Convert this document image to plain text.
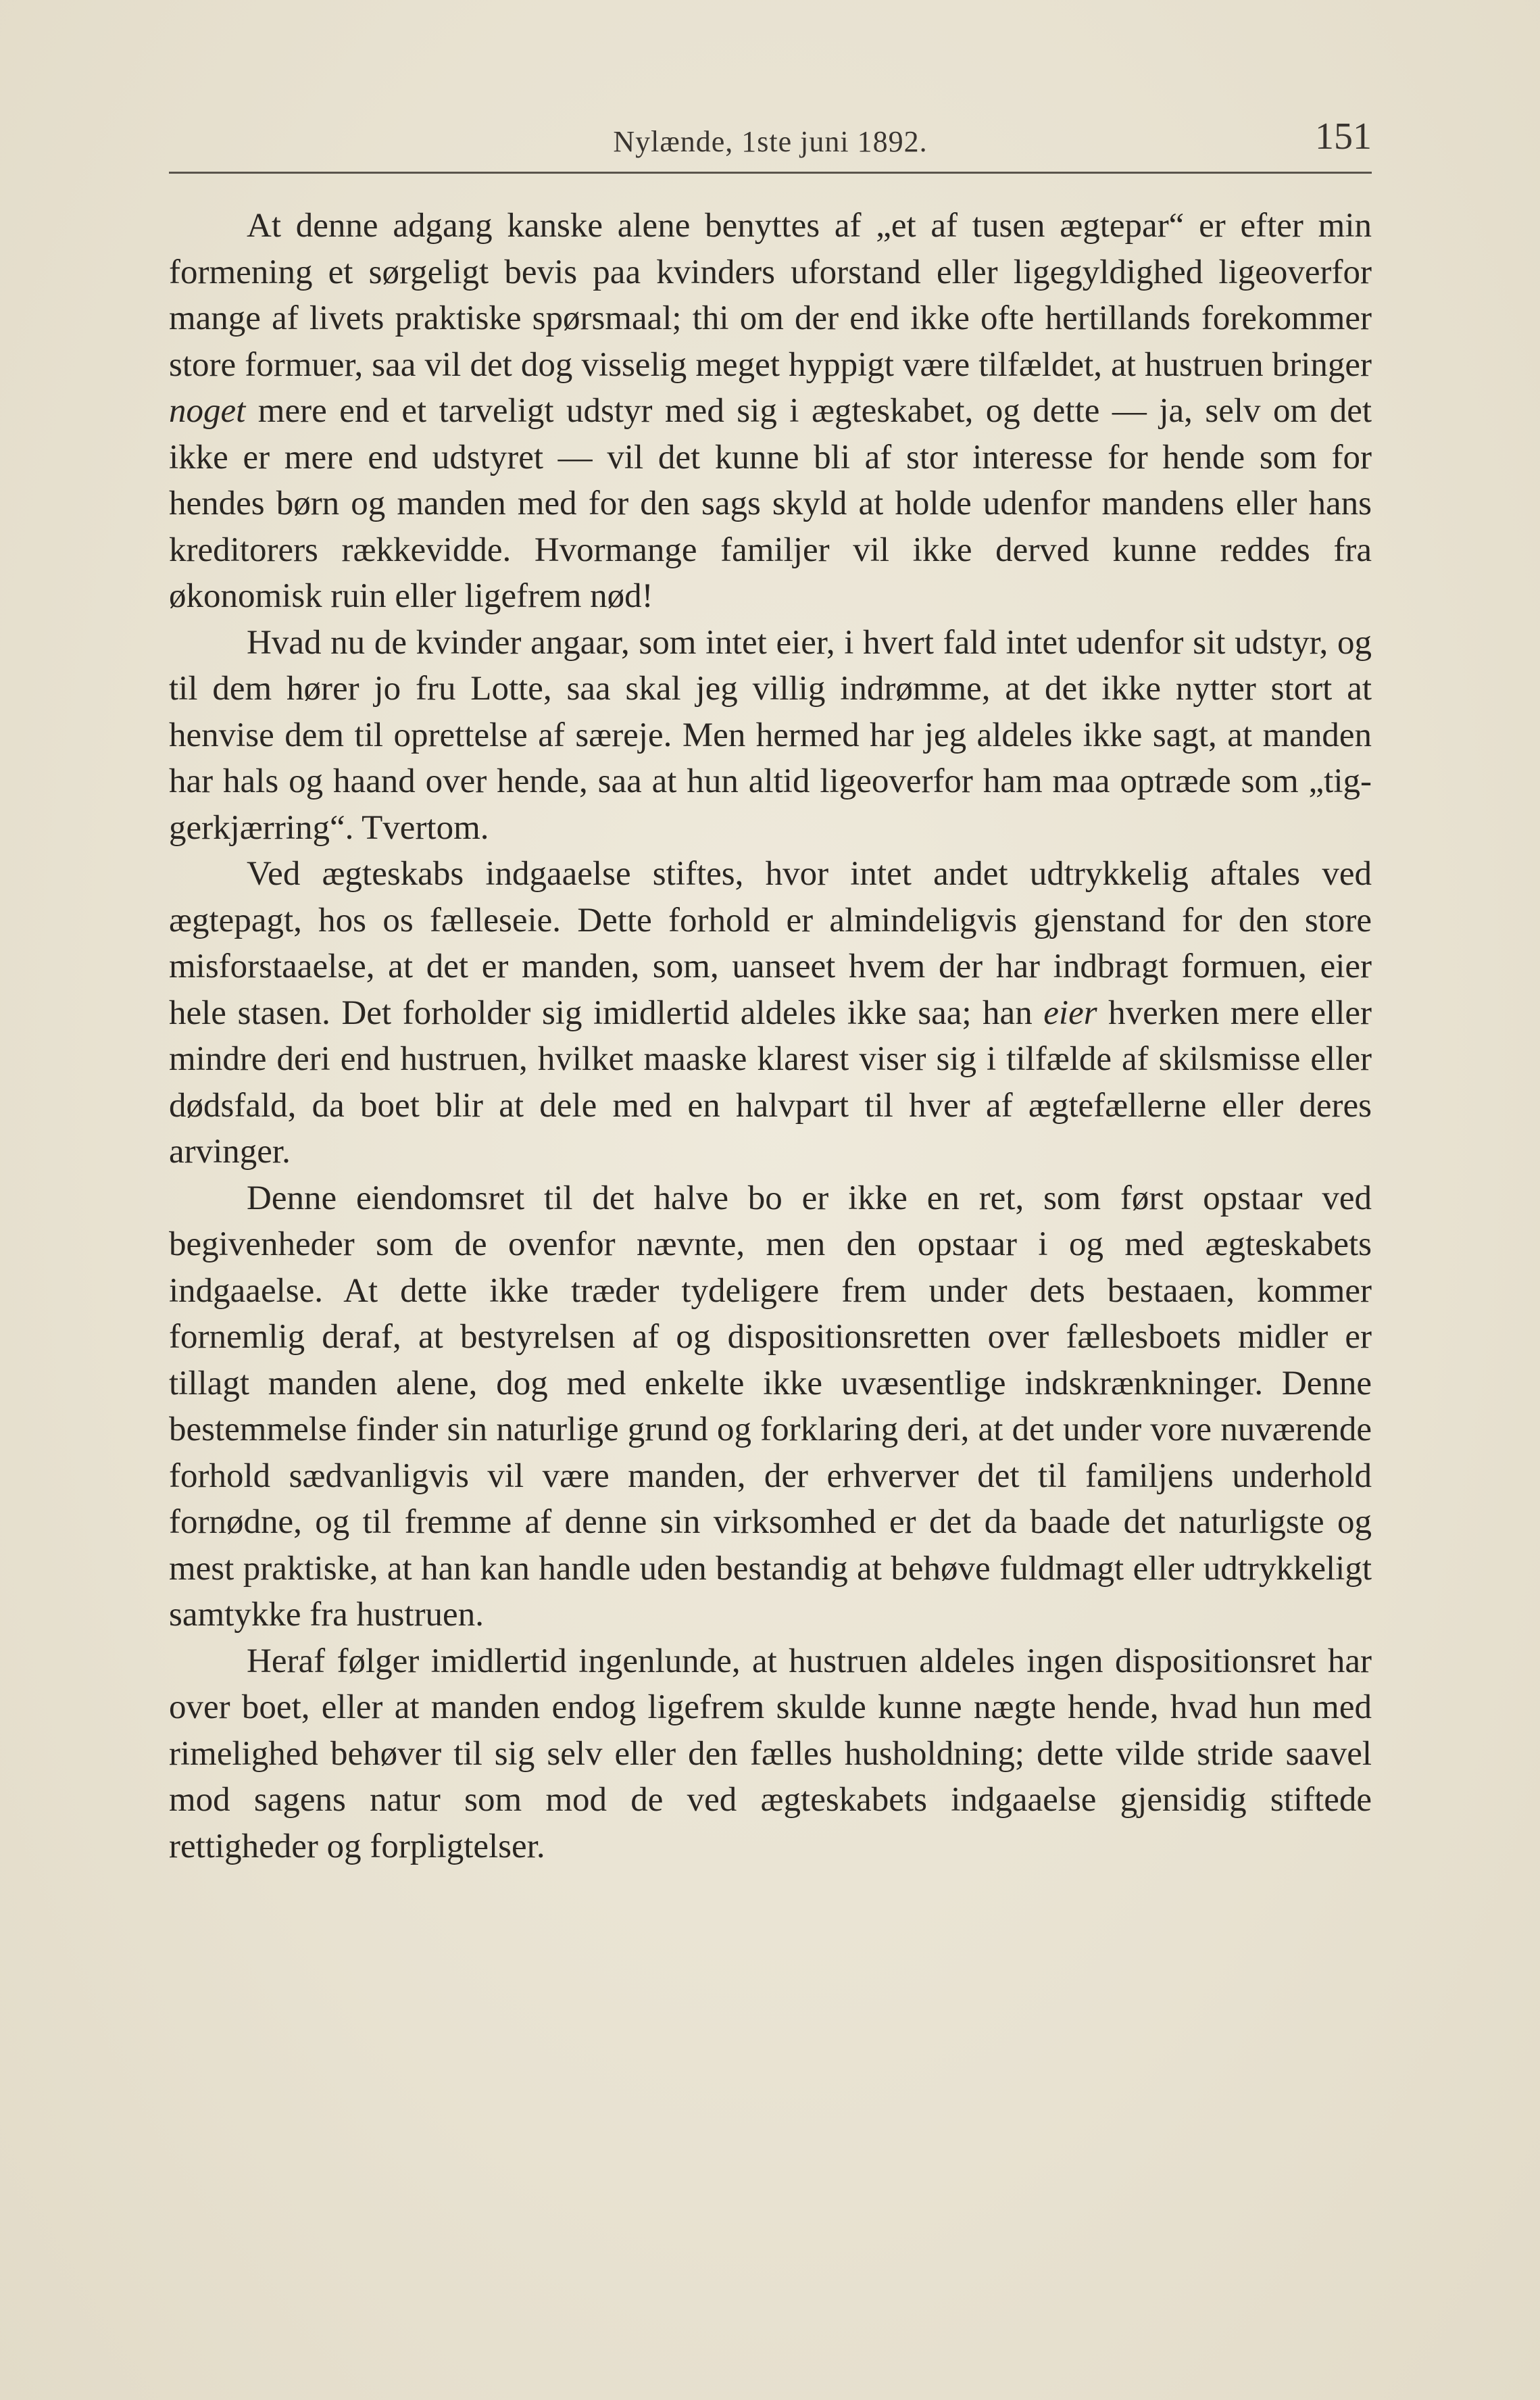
Nylænde, 1ste juni 1892.	151

At denne adgang kanske alene benyttes af „et af tusen ægtepar“ er efter min formening et sørgeligt bevis paa kvinders uforstand eller ligegyldighed ligeoverfor mange af livets praktiske spørsmaal; thi om der end ikke ofte hertillands forekommer store formuer, saa vil det dog visselig meget hyppigt være tilfældet, at hustruen bringer noget mere end et tarveligt udstyr med sig i ægteskabet, og dette — ja, selv om det ikke er mere end udstyret — vil det kunne bli af stor interesse for hende som for hendes børn og manden med for den sags skyld at holde udenfor mandens eller hans kreditorers rækkevidde. Hvormange familjer vil ikke derved kunne reddes fra økonomisk ruin eller ligefrem nød!

Hvad nu de kvinder angaar, som intet eier, i hvert fald intet udenfor sit udstyr, og til dem hører jo fru Lotte, saa skal jeg villig indrømme, at det ikke nytter stort at henvise dem til oprettelse af særeje. Men hermed har jeg aldeles ikke sagt, at manden har hals og haand over hende, saa at hun altid ligeoverfor ham maa optræde som „tiggerkjærring“. Tvertom.

Ved ægteskabs indgaaelse stiftes, hvor intet andet udtrykkelig aftales ved ægtepagt, hos os fælleseie. Dette forhold er almindeligvis gjenstand for den store misforstaaelse, at det er manden, som, uanseet hvem der har indbragt formuen, eier hele stasen. Det forholder sig imidlertid aldeles ikke saa; han eier hverken mere eller mindre deri end hustruen, hvilket maaske klarest viser sig i tilfælde af skilsmisse eller dødsfald, da boet blir at dele med en halvpart til hver af ægtefællerne eller deres arvinger.

Denne eiendomsret til det halve bo er ikke en ret, som først opstaar ved begivenheder som de ovenfor nævnte, men den opstaar i og med ægteskabets indgaaelse. At dette ikke træder tydeligere frem under dets bestaaen, kommer fornemlig deraf, at bestyrelsen af og dispositionsretten over fællesboets midler er tillagt manden alene, dog med enkelte ikke uvæsentlige indskrænkninger. Denne bestemmelse finder sin naturlige grund og forklaring deri, at det under vore nuværende forhold sædvanligvis vil være manden, der erhverver det til familjens underhold fornødne, og til fremme af denne sin virksomhed er det da baade det naturligste og mest praktiske, at han kan handle uden bestandig at behøve fuldmagt eller udtrykkeligt samtykke fra hustruen.

Heraf følger imidlertid ingenlunde, at hustruen aldeles ingen dispositionsret har over boet, eller at manden endog ligefrem skulde kunne nægte hende, hvad hun med rimelighed behøver til sig selv eller den fælles husholdning; dette vilde stride saavel mod sagens natur som mod de ved ægteskabets indgaaelse gjensidig stiftede rettigheder og forpligtelser.
